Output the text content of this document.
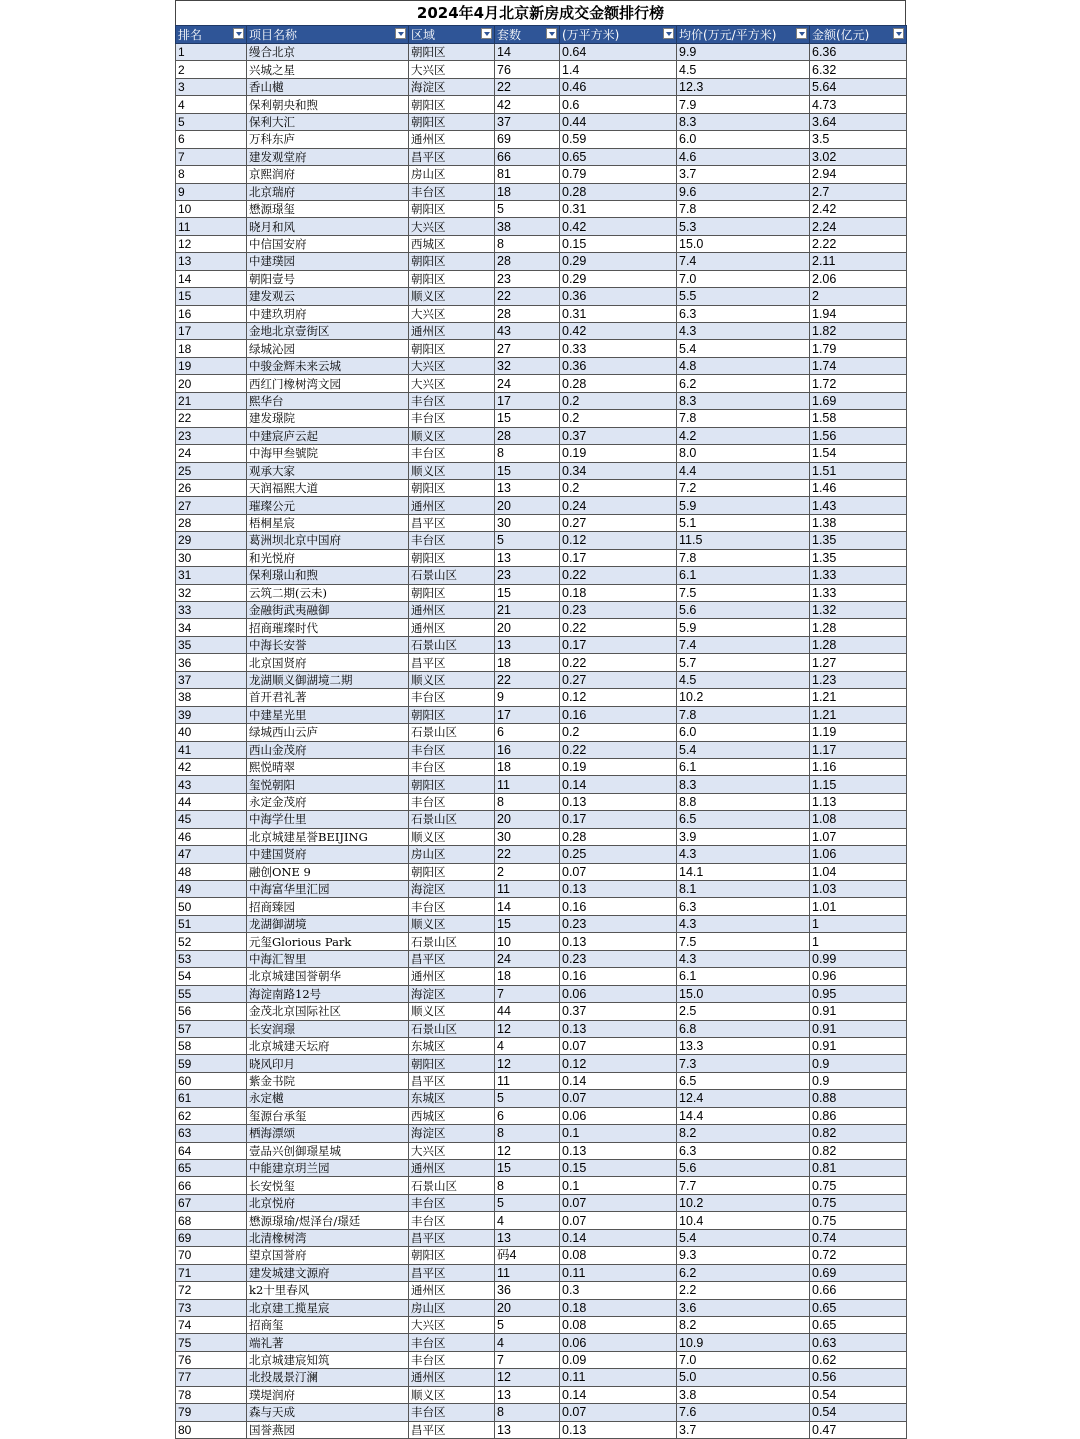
2024年4月北京新房成交金额排行榜
排名	项目名称	区域	套数	(万平方米)	均价(万元/平方米)	金额(亿元)

1	缦合北京	朝阳区	14	0.64	9.9	6.36
2	兴城之星	大兴区	76	1.4	4.5	6.32
3	香山樾	海淀区	22	0.46	12.3	5.64
4	保利朝央和煦	朝阳区	42	0.6	7.9	4.73
5	保利大汇	朝阳区	37	0.44	8.3	3.64
6	万科东庐	通州区	69	0.59	6.0	3.5
7	建发观堂府	昌平区	66	0.65	4.6	3.02
8	京熙润府	房山区	81	0.79	3.7	2.94
9	北京瑞府	丰台区	18	0.28	9.6	2.7
10	懋源璟玺	朝阳区	5	0.31	7.8	2.42
11	晓月和风	大兴区	38	0.42	5.3	2.24
12	中信国安府	西城区	8	0.15	15.0	2.22
13	中建璞园	朝阳区	28	0.29	7.4	2.11
14	朝阳壹号	朝阳区	23	0.29	7.0	2.06
15	建发观云	顺义区	22	0.36	5.5	2
16	中建玖玥府	大兴区	28	0.31	6.3	1.94
17	金地北京壹街区	通州区	43	0.42	4.3	1.82
18	绿城沁园	朝阳区	27	0.33	5.4	1.79
19	中骏金辉未来云城	大兴区	32	0.36	4.8	1.74
20	西红门橡树湾文园	大兴区	24	0.28	6.2	1.72
21	熙华台	丰台区	17	0.2	8.3	1.69
22	建发璟院	丰台区	15	0.2	7.8	1.58
23	中建宸庐云起	顺义区	28	0.37	4.2	1.56
24	中海甲叁號院	丰台区	8	0.19	8.0	1.54
25	观承大家	顺义区	15	0.34	4.4	1.51
26	天润福熙大道	朝阳区	13	0.2	7.2	1.46
27	璀璨公元	通州区	20	0.24	5.9	1.43
28	梧桐星宸	昌平区	30	0.27	5.1	1.38
29	葛洲坝北京中国府	丰台区	5	0.12	11.5	1.35
30	和光悦府	朝阳区	13	0.17	7.8	1.35
31	保利璟山和煦	石景山区	23	0.22	6.1	1.33
32	云筑二期(云未)	朝阳区	15	0.18	7.5	1.33
33	金融街武夷融御	通州区	21	0.23	5.6	1.32
34	招商璀璨时代	通州区	20	0.22	5.9	1.28
35	中海长安誉	石景山区	13	0.17	7.4	1.28
36	北京国贤府	昌平区	18	0.22	5.7	1.27
37	龙湖顺义御湖境二期	顺义区	22	0.27	4.5	1.23
38	首开君礼著	丰台区	9	0.12	10.2	1.21
39	中建星光里	朝阳区	17	0.16	7.8	1.21
40	绿城西山云庐	石景山区	6	0.2	6.0	1.19
41	西山金茂府	丰台区	16	0.22	5.4	1.17
42	熙悦晴翠	丰台区	18	0.19	6.1	1.16
43	玺悦朝阳	朝阳区	11	0.14	8.3	1.15
44	永定金茂府	丰台区	8	0.13	8.8	1.13
45	中海学仕里	石景山区	20	0.17	6.5	1.08
46	北京城建星誉BEIJING	顺义区	30	0.28	3.9	1.07
47	中建国贤府	房山区	22	0.25	4.3	1.06
48	融创ONE 9	朝阳区	2	0.07	14.1	1.04
49	中海富华里汇园	海淀区	11	0.13	8.1	1.03
50	招商臻园	丰台区	14	0.16	6.3	1.01
51	龙湖御湖境	顺义区	15	0.23	4.3	1
52	元玺Glorious Park	石景山区	10	0.13	7.5	1
53	中海汇智里	昌平区	24	0.23	4.3	0.99
54	北京城建国誉朝华	通州区	18	0.16	6.1	0.96
55	海淀南路12号	海淀区	7	0.06	15.0	0.95
56	金茂北京国际社区	顺义区	44	0.37	2.5	0.91
57	长安润璟	石景山区	12	0.13	6.8	0.91
58	北京城建天坛府	东城区	4	0.07	13.3	0.91
59	晓风印月	朝阳区	12	0.12	7.3	0.9
60	紫金书院	昌平区	11	0.14	6.5	0.9
61	永定樾	东城区	5	0.07	12.4	0.88
62	玺源台承玺	西城区	6	0.06	14.4	0.86
63	栖海漂颂	海淀区	8	0.1	8.2	0.82
64	壹品兴创御璟星城	大兴区	12	0.13	6.3	0.82
65	中能建京玥兰园	通州区	15	0.15	5.6	0.81
66	长安悦玺	石景山区	8	0.1	7.7	0.75
67	北京悦府	丰台区	5	0.07	10.2	0.75
68	懋源璟瑜/煜泽台/璟廷	丰台区	4	0.07	10.4	0.75
69	北清橡树湾	昌平区	13	0.14	5.4	0.74
70	望京国誉府	朝阳区	码4	0.08	9.3	0.72
71	建发城建文源府	昌平区	11	0.11	6.2	0.69
72	k2十里春风	通州区	36	0.3	2.2	0.66
73	北京建工揽星宸	房山区	20	0.18	3.6	0.65
74	招商玺	大兴区	5	0.08	8.2	0.65
75	端礼著	丰台区	4	0.06	10.9	0.63
76	北京城建宸知筑	丰台区	7	0.09	7.0	0.62
77	北投晟景汀澜	通州区	12	0.11	5.0	0.56
78	璞堤润府	顺义区	13	0.14	3.8	0.54
79	森与天成	丰台区	8	0.07	7.6	0.54
80	国誉燕园	昌平区	13	0.13	3.7	0.47
